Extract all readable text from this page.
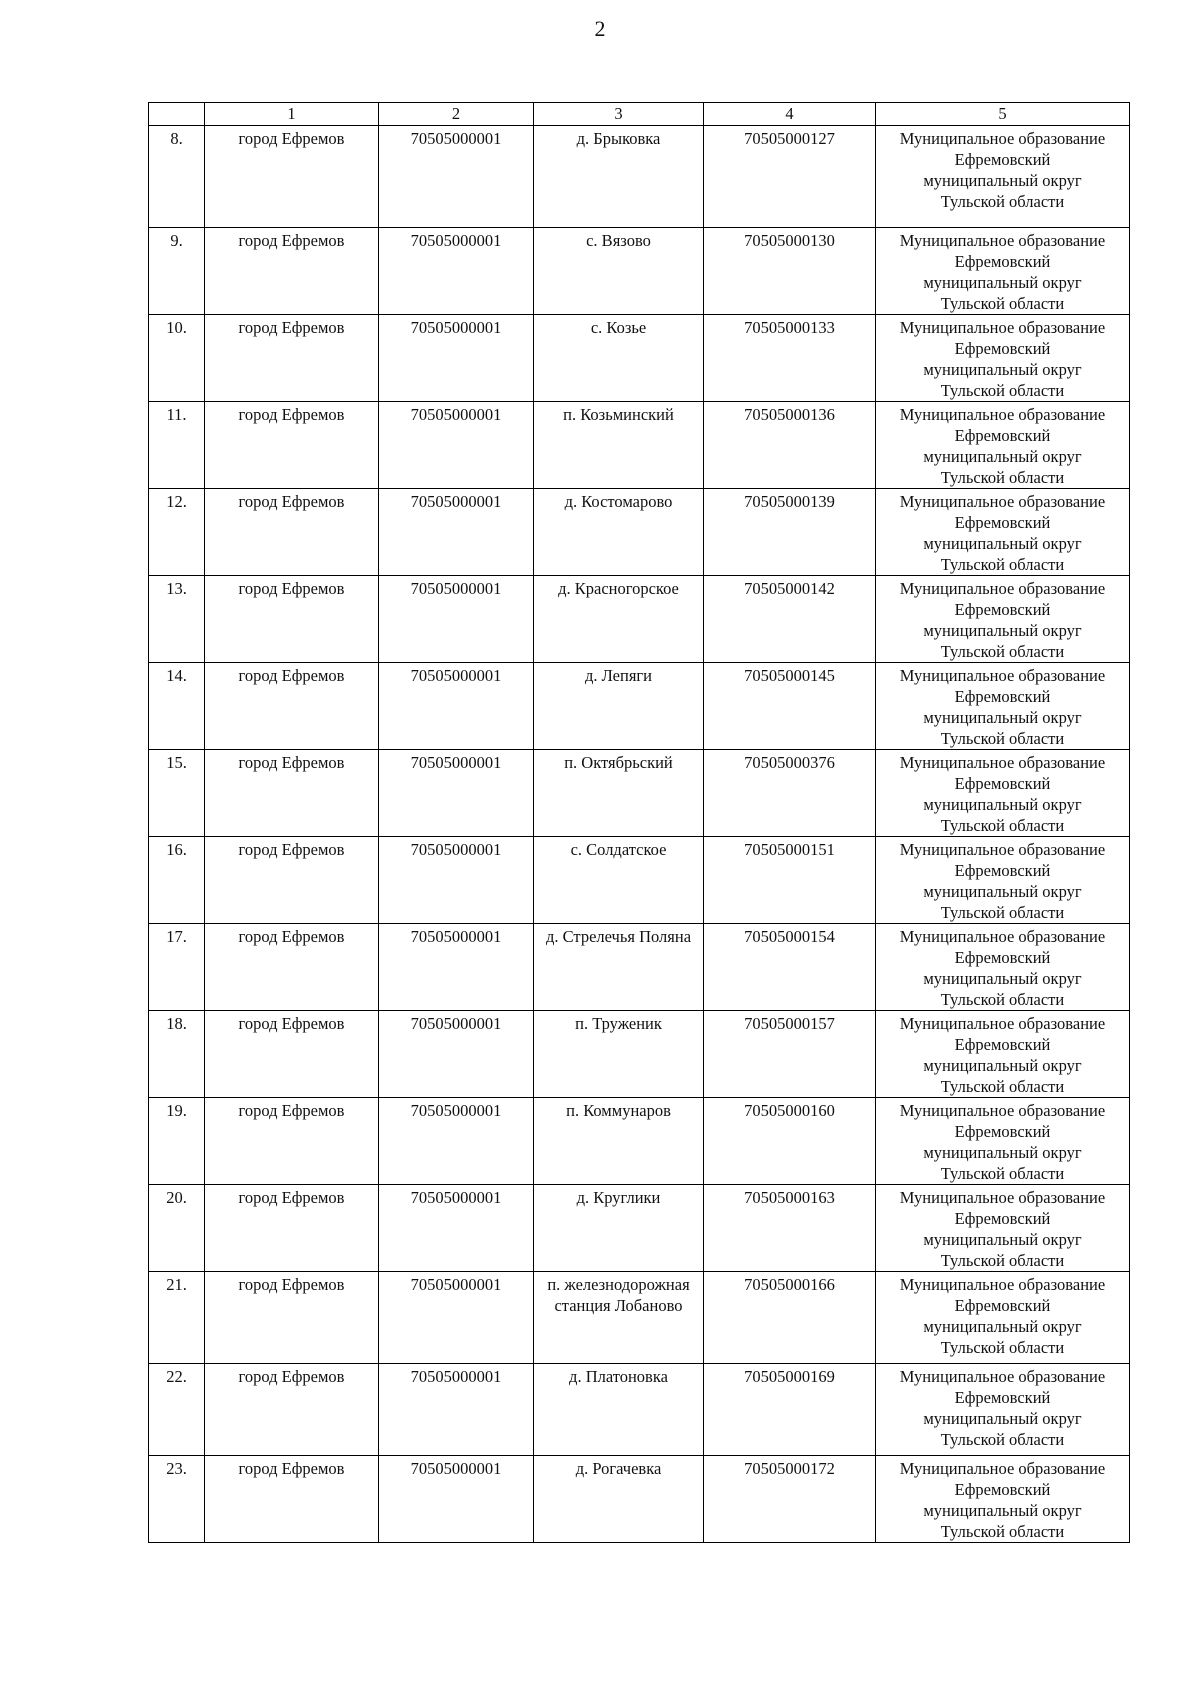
2
	1	2	3	4	5
8.	город Ефремов	70505000001	д. Брыковка	70505000127	Муниципальное образование
Ефремовский
муниципальный округ
Тульской области

9.	город Ефремов	70505000001	с. Вязово	70505000130	Муниципальное образование
Ефремовский
муниципальный округ
Тульской области

10.	город Ефремов	70505000001	с. Козье	70505000133	Муниципальное образование
Ефремовский
муниципальный округ
Тульской области

11.	город Ефремов	70505000001	п. Козьминский	70505000136	Муниципальное образование
Ефремовский
муниципальный округ
Тульской области

12.	город Ефремов	70505000001	д. Костомарово	70505000139	Муниципальное образование
Ефремовский
муниципальный округ
Тульской области

13.	город Ефремов	70505000001	д. Красногорское	70505000142	Муниципальное образование
Ефремовский
муниципальный округ
Тульской области

14.	город Ефремов	70505000001	д. Лепяги	70505000145	Муниципальное образование
Ефремовский
муниципальный округ
Тульской области

15.	город Ефремов	70505000001	п. Октябрьский	70505000376	Муниципальное образование
Ефремовский
муниципальный округ
Тульской области

16.	город Ефремов	70505000001	с. Солдатское	70505000151	Муниципальное образование
Ефремовский
муниципальный округ
Тульской области

17.	город Ефремов	70505000001	д. Стрелечья Поляна	70505000154	Муниципальное образование
Ефремовский
муниципальный округ
Тульской области

18.	город Ефремов	70505000001	п. Труженик	70505000157	Муниципальное образование
Ефремовский
муниципальный округ
Тульской области

19.	город Ефремов	70505000001	п. Коммунаров	70505000160	Муниципальное образование
Ефремовский
муниципальный округ
Тульской области

20.	город Ефремов	70505000001	д. Круглики	70505000163	Муниципальное образование
Ефремовский
муниципальный округ
Тульской области

21.	город Ефремов	70505000001	п. железнодорожная станция Лобаново	70505000166	Муниципальное образование
Ефремовский
муниципальный округ
Тульской области

22.	город Ефремов	70505000001	д. Платоновка	70505000169	Муниципальное образование
Ефремовский
муниципальный округ
Тульской области

23.	город Ефремов	70505000001	д. Рогачевка	70505000172	Муниципальное образование
Ефремовский
муниципальный округ
Тульской области
